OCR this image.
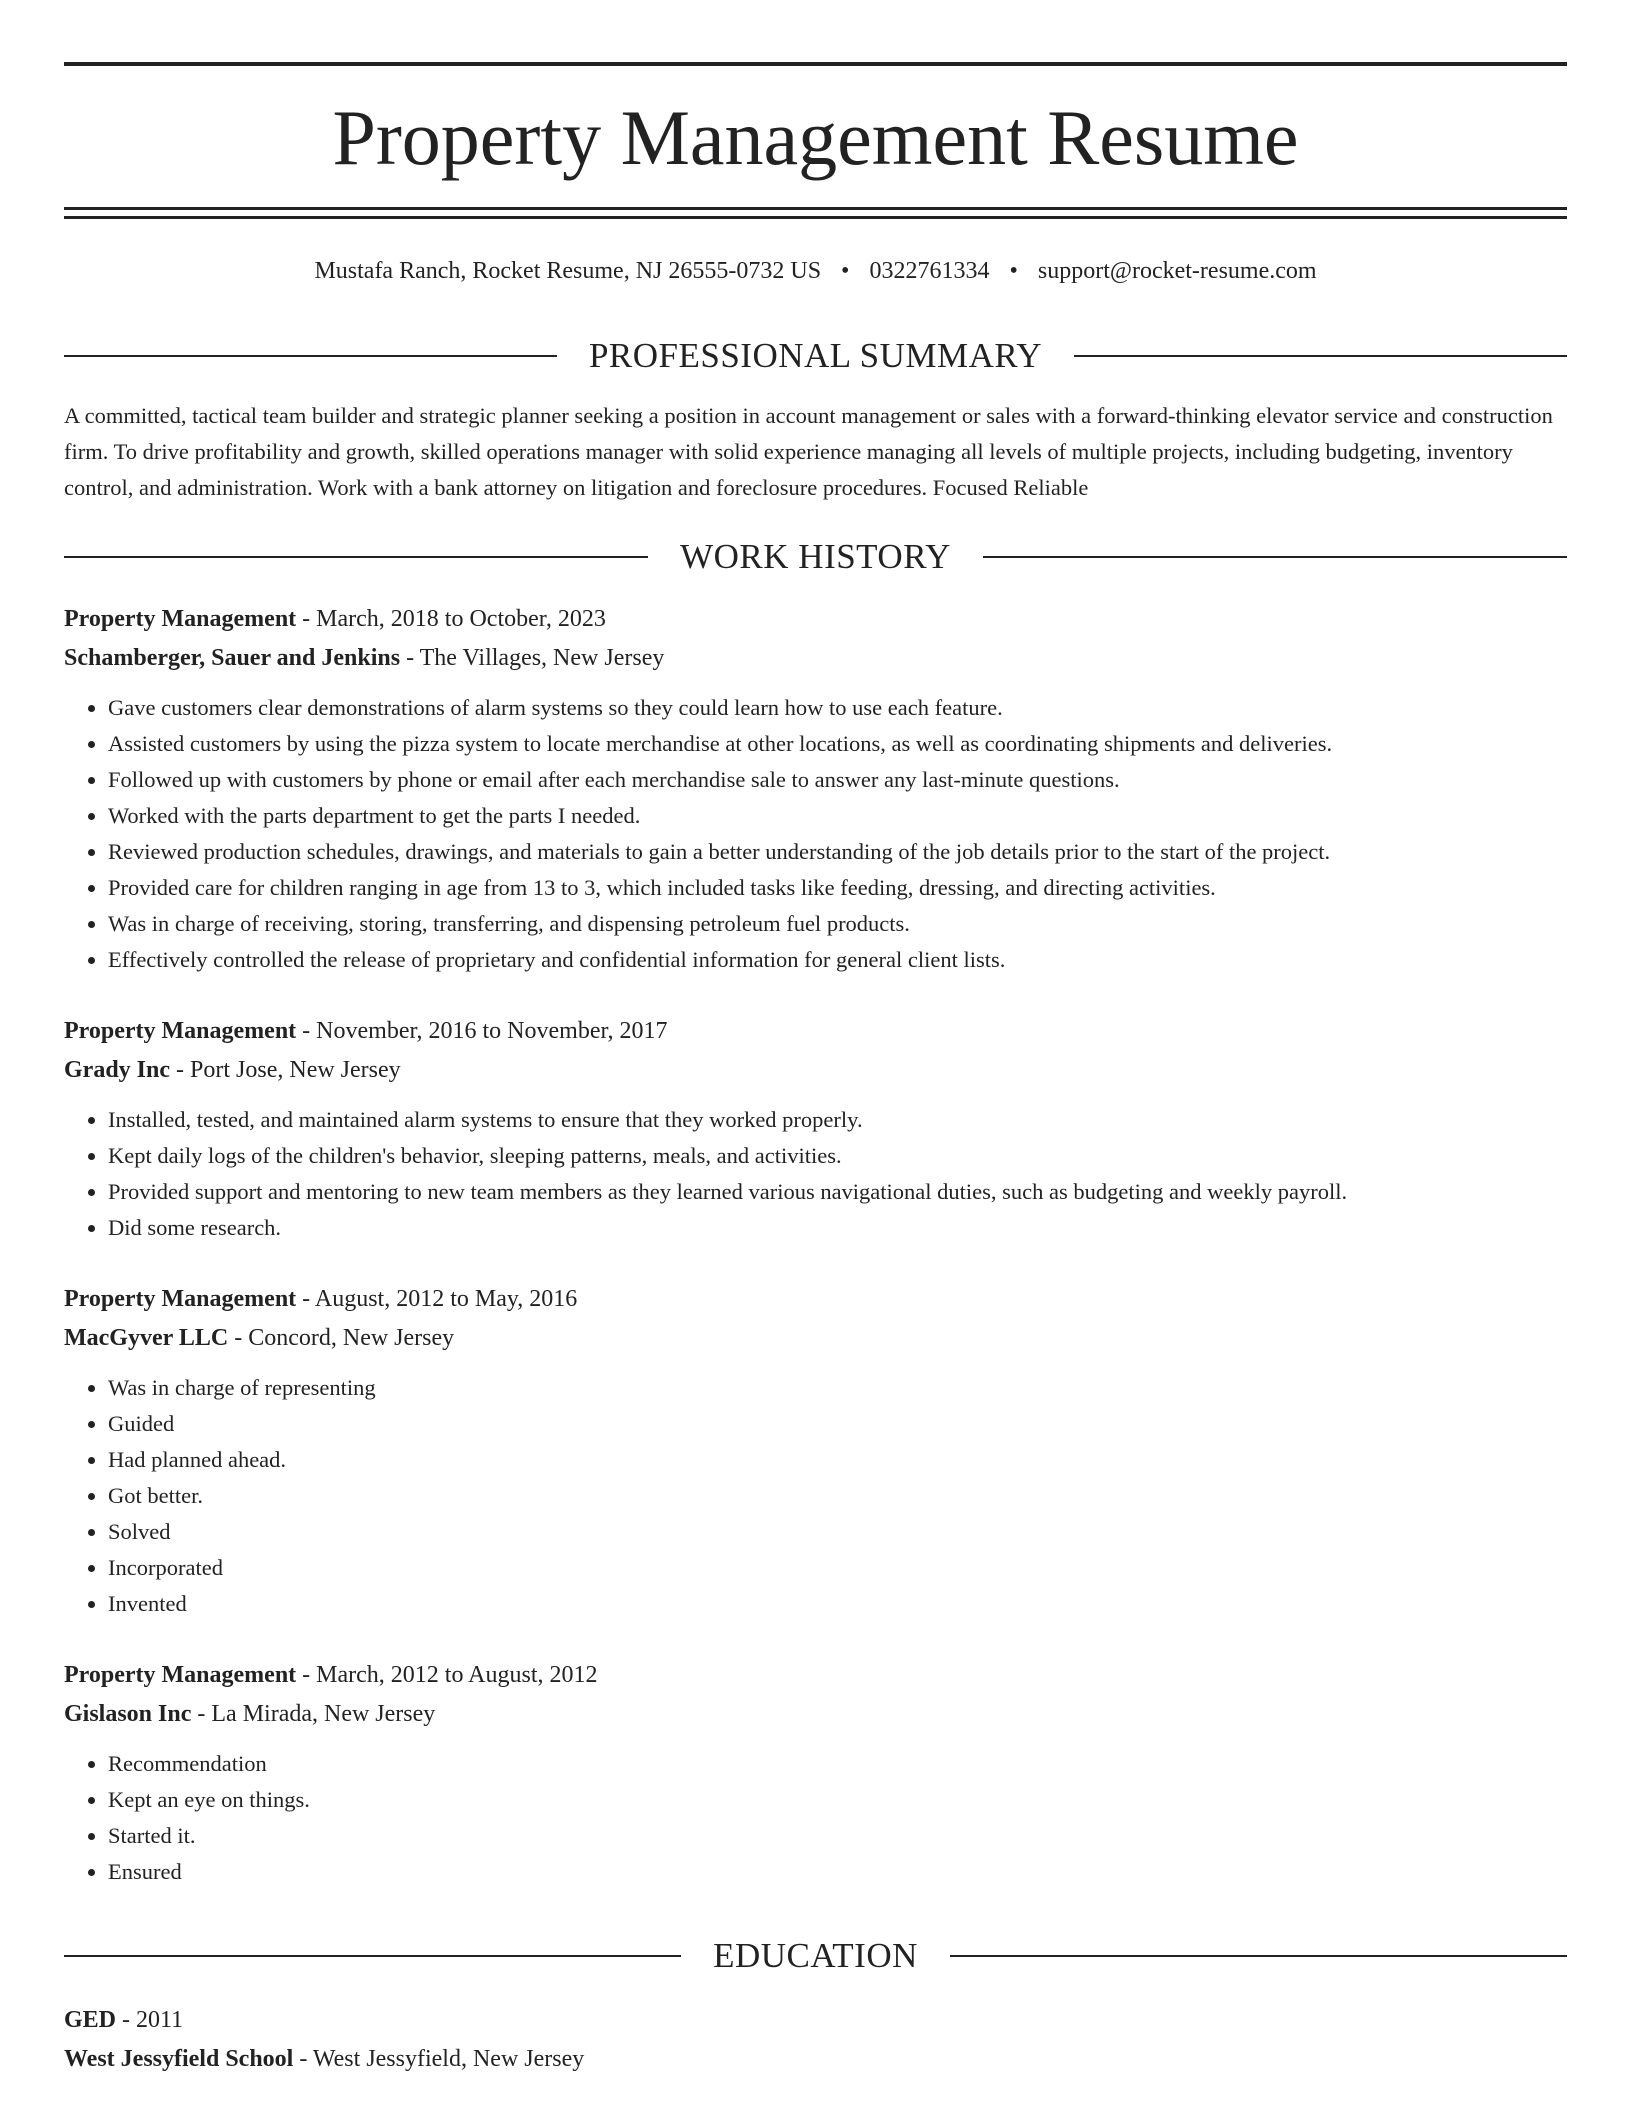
Property Management Resume
Mustafa Ranch, Rocket Resume, NJ 26555-0732 US • 0322761334 • support@rocket-resume.com
PROFESSIONAL SUMMARY

A committed, tactical team builder and strategic planner seeking a position in account management or sales with a forward-thinking elevator service and construction firm. To drive profitability and growth, skilled operations manager with solid experience managing all levels of multiple projects, including budgeting, inventory control, and administration. Work with a bank attorney on litigation and foreclosure procedures. Focused Reliable

WORK HISTORY

Property Management - March, 2018 to October, 2023

Schamberger, Sauer and Jenkins - The Villages, New Jersey

• Gave customers clear demonstrations of alarm systems so they could learn how to use each feature.
• Assisted customers by using the pizza system to locate merchandise at other locations, as well as coordinating shipments and deliveries.
• Followed up with customers by phone or email after each merchandise sale to answer any last-minute questions.
• Worked with the parts department to get the parts I needed.
• Reviewed production schedules, drawings, and materials to gain a better understanding of the job details prior to the start of the project.
• Provided care for children ranging in age from 13 to 3, which included tasks like feeding, dressing, and directing activities.
• Was in charge of receiving, storing, transferring, and dispensing petroleum fuel products.
• Effectively controlled the release of proprietary and confidential information for general client lists.

Property Management - November, 2016 to November, 2017

Grady Inc - Port Jose, New Jersey

• Installed, tested, and maintained alarm systems to ensure that they worked properly.
• Kept daily logs of the children's behavior, sleeping patterns, meals, and activities.
• Provided support and mentoring to new team members as they learned various navigational duties, such as budgeting and weekly payroll.
• Did some research.

Property Management - August, 2012 to May, 2016

MacGyver LLC - Concord, New Jersey

• Was in charge of representing
• Guided
• Had planned ahead.
• Got better.
• Solved
• Incorporated
• Invented

Property Management - March, 2012 to August, 2012

Gislason Inc - La Mirada, New Jersey

• Recommendation
• Kept an eye on things.
• Started it.
• Ensured
EDUCATION

GED - 2011

West Jessyfield School - West Jessyfield, New Jersey
